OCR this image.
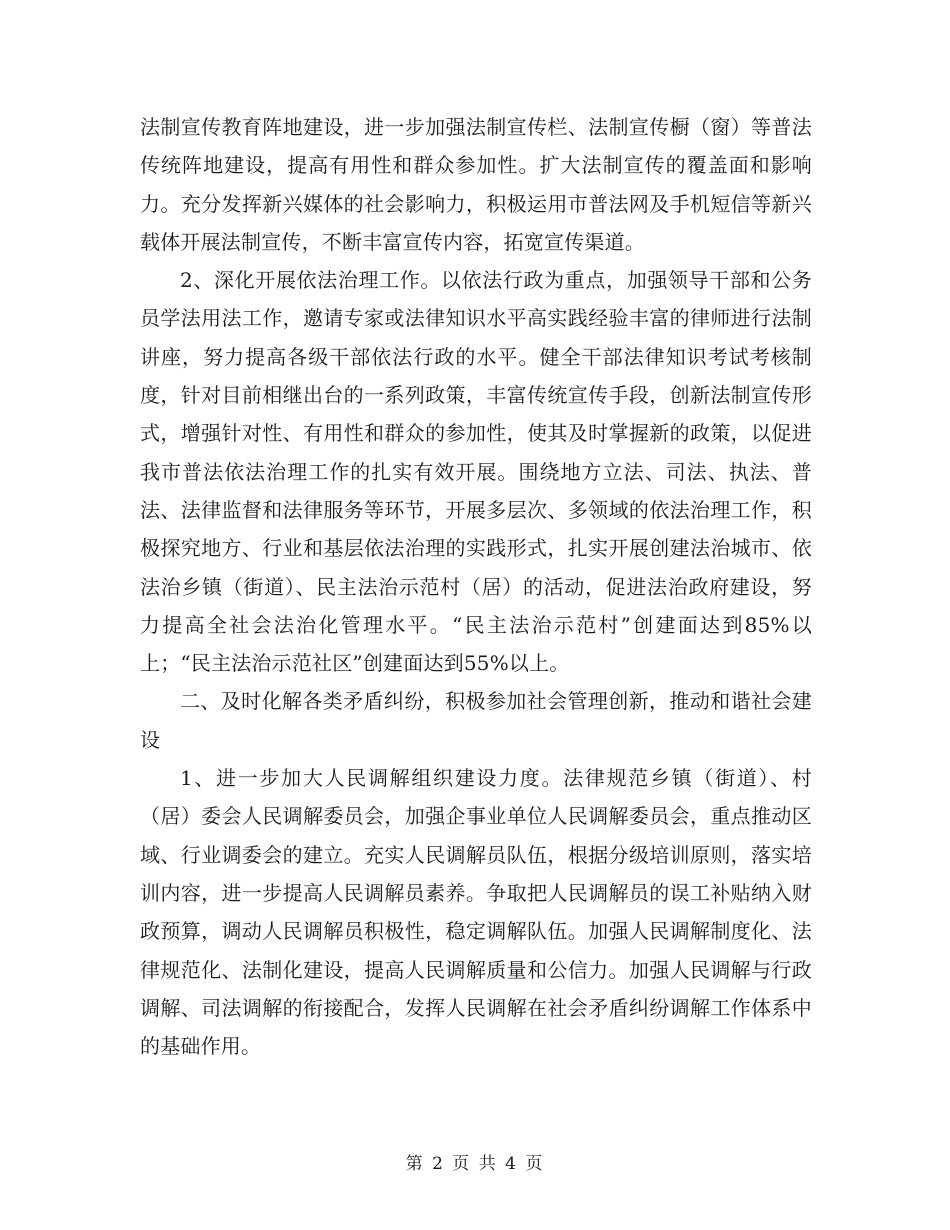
法制宣传教育阵地建设，进一步加强法制宣传栏、法制宣传橱（窗）等普法传统阵地建设，提高有用性和群众参加性。扩大法制宣传的覆盖面和影响力。充分发挥新兴媒体的社会影响力，积极运用市普法网及手机短信等新兴载体开展法制宣传，不断丰富宣传内容，拓宽宣传渠道。

2、深化开展依法治理工作。以依法行政为重点，加强领导干部和公务员学法用法工作，邀请专家或法律知识水平高实践经验丰富的律师进行法制讲座，努力提高各级干部依法行政的水平。健全干部法律知识考试考核制度，针对目前相继出台的一系列政策，丰富传统宣传手段，创新法制宣传形式，增强针对性、有用性和群众的参加性，使其及时掌握新的政策，以促进我市普法依法治理工作的扎实有效开展。围绕地方立法、司法、执法、普法、法律监督和法律服务等环节，开展多层次、多领域的依法治理工作，积极探究地方、行业和基层依法治理的实践形式，扎实开展创建法治城市、依法治乡镇（街道）、民主法治示范村（居）的活动，促进法治政府建设，努力提高全社会法治化管理水平。“民主法治示范村”创建面达到85%以上；“民主法治示范社区”创建面达到55%以上。

二、及时化解各类矛盾纠纷，积极参加社会管理创新，推动和谐社会建设

1、进一步加大人民调解组织建设力度。法律规范乡镇（街道）、村（居）委会人民调解委员会，加强企事业单位人民调解委员会，重点推动区域、行业调委会的建立。充实人民调解员队伍，根据分级培训原则，落实培训内容，进一步提高人民调解员素养。争取把人民调解员的误工补贴纳入财政预算，调动人民调解员积极性，稳定调解队伍。加强人民调解制度化、法律规范化、法制化建设，提高人民调解质量和公信力。加强人民调解与行政调解、司法调解的衔接配合，发挥人民调解在社会矛盾纠纷调解工作体系中的基础作用。

第 2 页 共 4 页
